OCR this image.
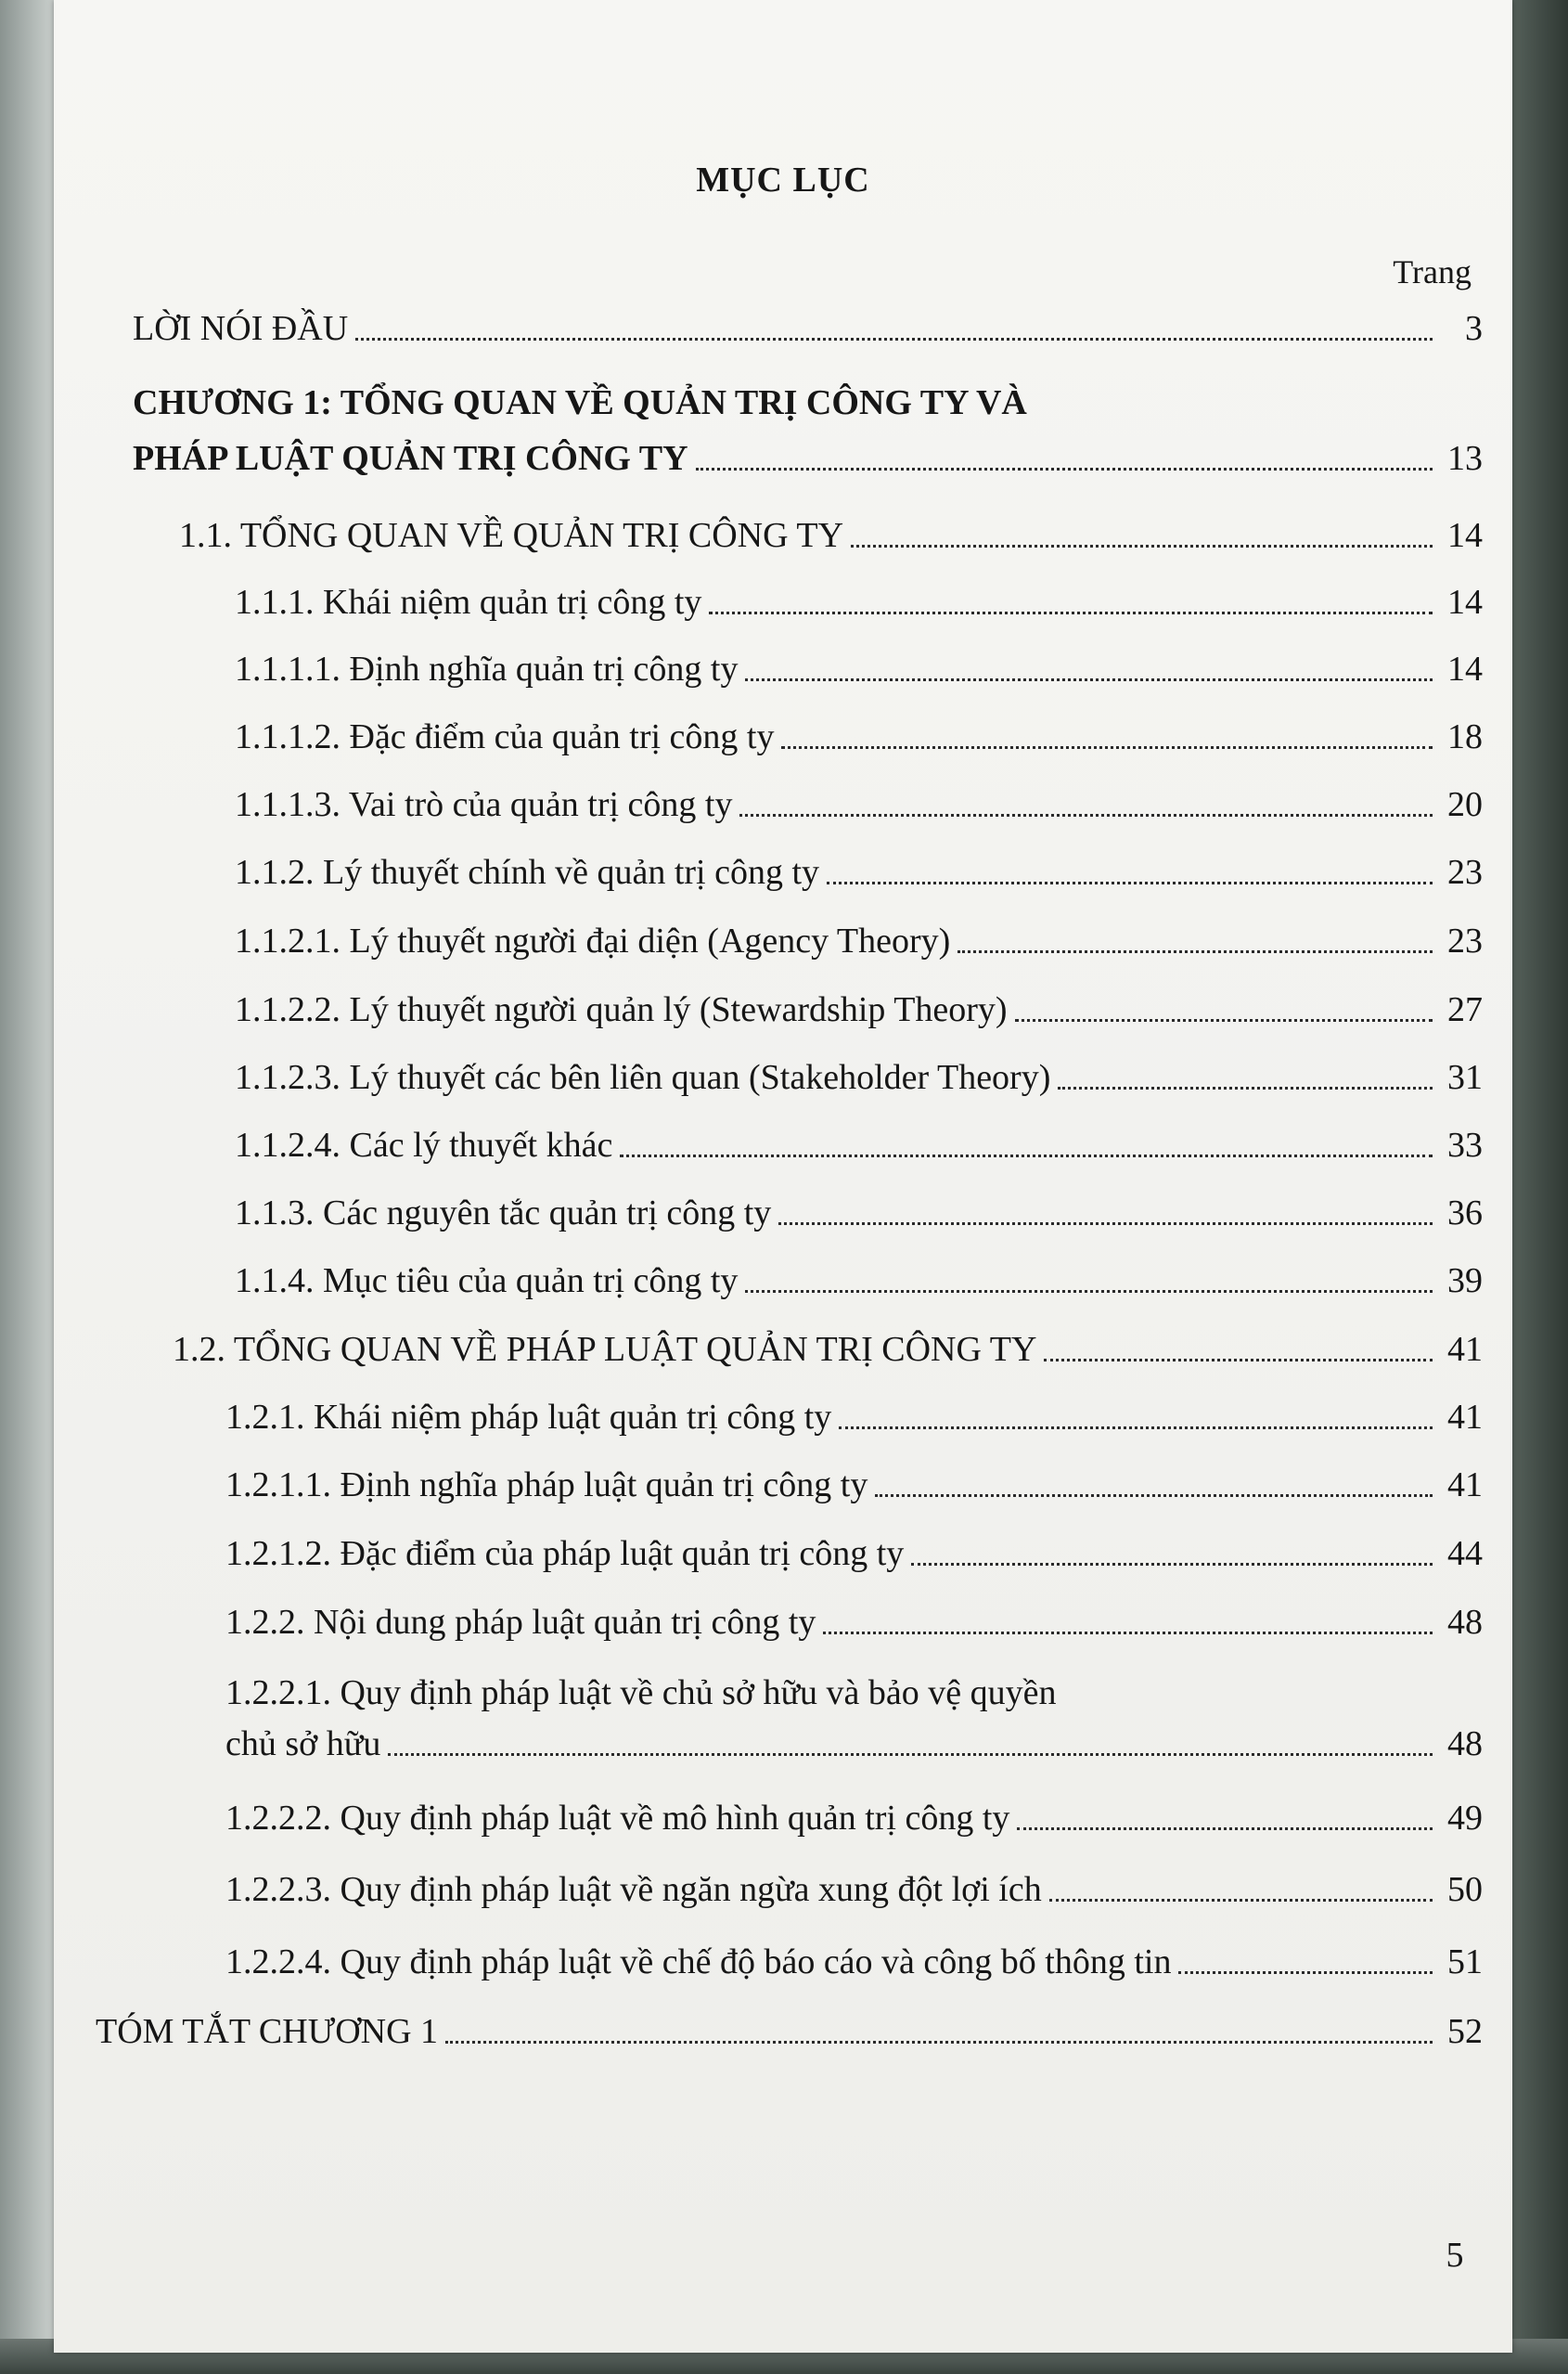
MỤC LỤC
Trang
LỜI NÓI ĐẦU	3
CHƯƠNG 1: TỔNG QUAN VỀ QUẢN TRỊ CÔNG TY VÀ
PHÁP LUẬT QUẢN TRỊ CÔNG TY	13
1.1. TỔNG QUAN VỀ QUẢN TRỊ CÔNG TY	14
1.1.1. Khái niệm quản trị công ty	14
1.1.1.1. Định nghĩa quản trị công ty	14
1.1.1.2. Đặc điểm của quản trị công ty	18
1.1.1.3. Vai trò của quản trị công ty	20
1.1.2. Lý thuyết chính về quản trị công ty	23
1.1.2.1. Lý thuyết người đại diện (Agency Theory)	23
1.1.2.2. Lý thuyết người quản lý (Stewardship Theory)	27
1.1.2.3. Lý thuyết các bên liên quan (Stakeholder Theory)	31
1.1.2.4. Các lý thuyết khác	33
1.1.3. Các nguyên tắc quản trị công ty	36
1.1.4. Mục tiêu của quản trị công ty	39
1.2. TỔNG QUAN VỀ PHÁP LUẬT QUẢN TRỊ CÔNG TY	41
1.2.1. Khái niệm pháp luật quản trị công ty	41
1.2.1.1. Định nghĩa pháp luật quản trị công ty	41
1.2.1.2. Đặc điểm của pháp luật quản trị công ty	44
1.2.2. Nội dung pháp luật quản trị công ty	48
1.2.2.1. Quy định pháp luật về chủ sở hữu và bảo vệ quyền
chủ sở hữu	48
1.2.2.2. Quy định pháp luật về mô hình quản trị công ty	49
1.2.2.3. Quy định pháp luật về ngăn ngừa xung đột lợi ích	50
1.2.2.4. Quy định pháp luật về chế độ báo cáo và công bố thông tin	51
TÓM TẮT CHƯƠNG 1	52
5
